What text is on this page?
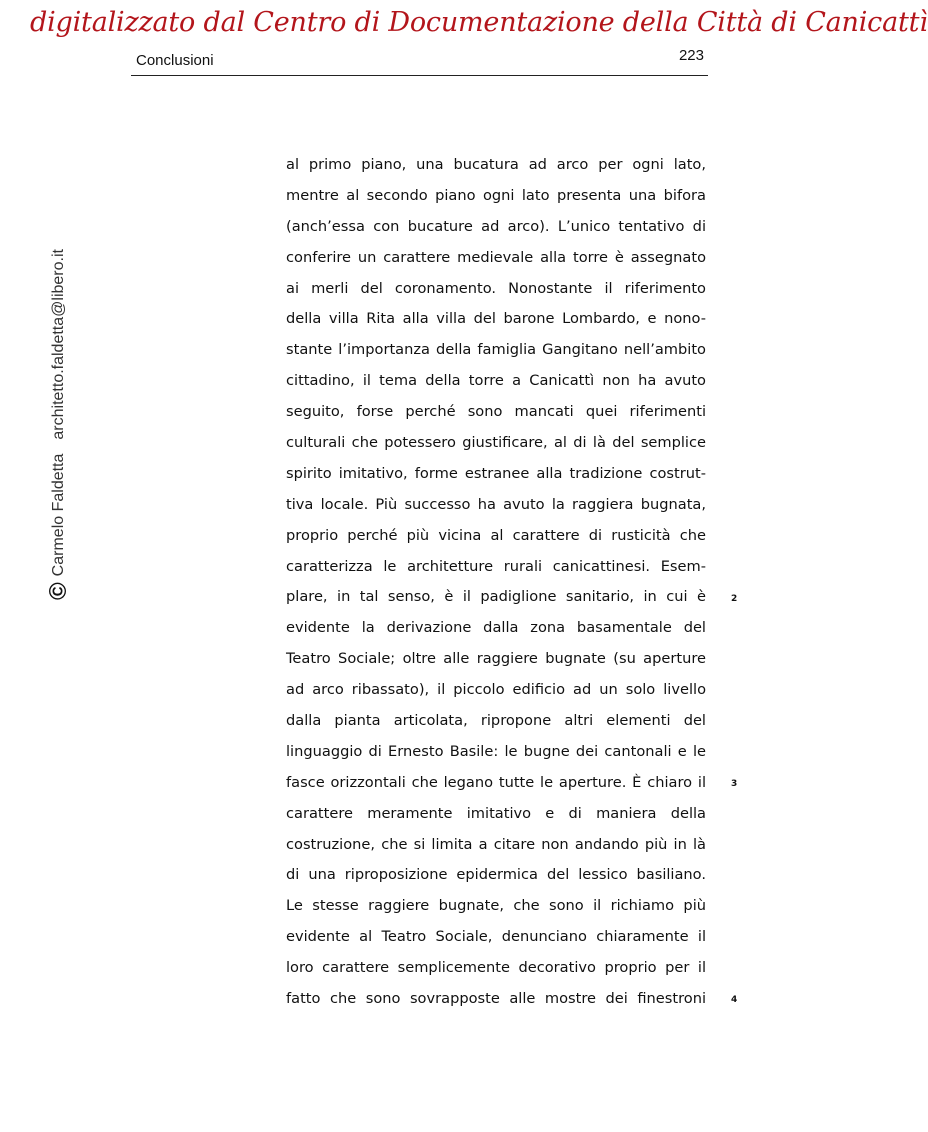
digitalizzato dal Centro di Documentazione della Città di Canicattì
Conclusioni	223
©
Carmelo Faldetta
architetto.faldetta@libero.it
al primo piano, una bucatura ad arco per ogni lato,
mentre al secondo piano ogni lato presenta una bifora
(anch’essa con bucature ad arco). L’unico tentativo di
conferire un carattere medievale alla torre è assegnato
ai merli del coronamento. Nonostante il riferimento
della villa Rita alla villa del barone Lombardo, e nono-
stante l’importanza della famiglia Gangitano nell’ambito
cittadino, il tema della torre a Canicattì non ha avuto
seguito, forse perché sono mancati quei riferimenti
culturali che potessero giustificare, al di là del semplice
spirito imitativo, forme estranee alla tradizione costrut-
tiva locale. Più successo ha avuto la raggiera bugnata,
proprio perché più vicina al carattere di rusticità che
caratterizza le architetture rurali canicattinesi. Esem-
plare, in tal senso, è il padiglione sanitario, in cui è
evidente la derivazione dalla zona basamentale del
Teatro Sociale; oltre alle raggiere bugnate (su aperture
ad arco ribassato), il piccolo edificio ad un solo livello
dalla pianta articolata, ripropone altri elementi del
linguaggio di Ernesto Basile: le bugne dei cantonali e le
fasce orizzontali che legano tutte le aperture. È chiaro il
carattere meramente imitativo e di maniera della
costruzione, che si limita a citare non andando più in là
di una riproposizione epidermica del lessico basiliano.
Le stesse raggiere bugnate, che sono il richiamo più
evidente al Teatro Sociale, denunciano chiaramente il
loro carattere semplicemente decorativo proprio per il
fatto che sono sovrapposte alle mostre dei finestroni
2
3
4
